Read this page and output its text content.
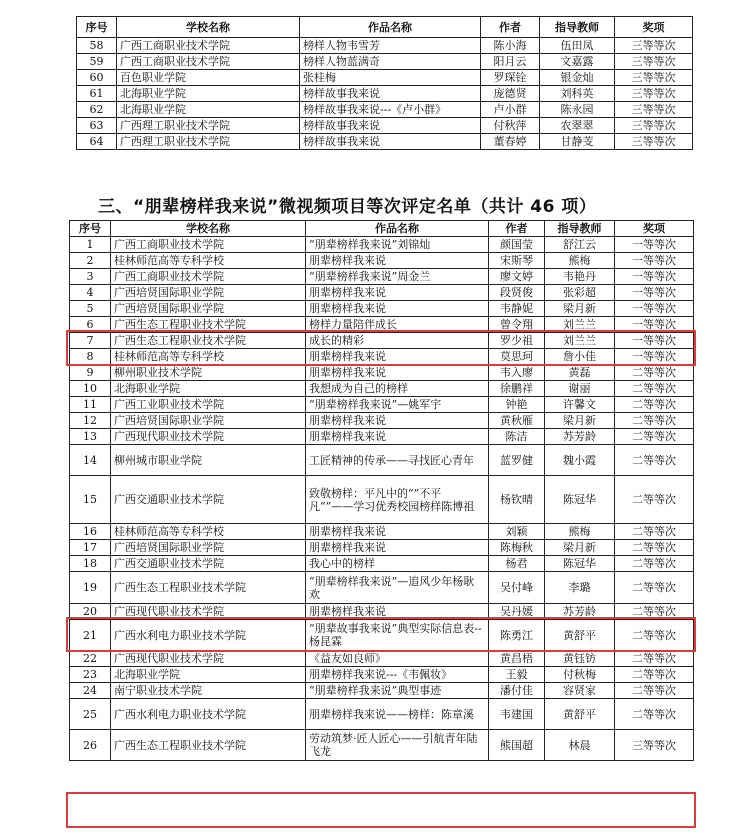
序号	学校名称	作品名称	作者	指导教师	奖项
58	广西工商职业技术学院	榜样人物韦雪芳	陈小海	伍田凤	三等等次
59	广西工商职业技术学院	榜样人物蓝满奇	阳月云	文嘉露	三等等次
60	百色职业学院	张桂梅	罗琛铨	银金灿	三等等次
61	北海职业学院	榜样故事我来说	庞德贤	刘科英	三等等次
62	北海职业学院	榜样故事我来说---《卢小群》	卢小群	陈永园	三等等次
63	广西理工职业技术学院	榜样故事我来说	付秋萍	农翠翠	三等等次
64	广西理工职业技术学院	榜样故事我来说	董春婷	甘静芰	三等等次
三、“朋辈榜样我来说”微视频项目等次评定名单（共计 46 项）
序号	学校名称	作品名称	作者	指导教师	奖项
1	广西工商职业技术学院	“朋辈榜样我来说”刘锦灿	颜国莹	舒江云	一等等次
2	桂林师范高等专科学校	朋辈榜样我来说	宋斯琴	熊梅	一等等次
3	广西工商职业技术学院	“朋辈榜样我来说”周金兰	廖文婷	韦艳丹	一等等次
4	广西培贤国际职业学院	朋辈榜样我来说	段贤俊	张彩超	一等等次
5	广西培贤国际职业学院	朋辈榜样我来说	韦静妮	梁月新	一等等次
6	广西生态工程职业技术学院	榜样力量陪伴成长	曾令翔	刘兰兰	一等等次
7	广西生态工程职业技术学院	成长的精彩	罗少祖	刘兰兰	一等等次
8	桂林师范高等专科学校	朋辈榜样我来说	莫思珂	詹小佳	一等等次
9	柳州职业技术学院	朋辈榜样我来说	韦入廖	黄磊	二等等次
10	北海职业学院	我想成为自己的榜样	徐鹏祥	谢丽	二等等次
11	广西工业职业技术学院	“朋辈榜样我来说”—姚军宇	钟艳	许馨文	二等等次
12	广西培贤国际职业学院	朋辈榜样我来说	黄秋雁	梁月新	二等等次
13	广西现代职业技术学院	朋辈榜样我来说	陈洁	苏芳龄	二等等次
14	柳州城市职业学院	工匠精神的传承——寻找匠心青年	蓝罗健	魏小霞	二等等次
15	广西交通职业技术学院	致敬榜样：平凡中的“”不平凡“”——学习优秀校园榜样陈博祖	杨钦晴	陈冠华	二等等次
16	桂林师范高等专科学校	朋辈榜样我来说	刘颖	熊梅	二等等次
17	广西培贤国际职业学院	朋辈榜样我来说	陈梅秋	梁月新	二等等次
18	广西交通职业技术学院	我心中的榜样	杨君	陈冠华	二等等次
19	广西生态工程职业技术学院	“朋辈榜样我来说”—追风少年杨耿欢	吴付峰	李璐	二等等次
20	广西现代职业技术学院	朋辈榜样我来说	吴丹媛	苏芳龄	二等等次
21	广西水利电力职业技术学院	“朋辈故事我来说”典型实际信息表--杨昆霖	陈勇江	黄舒平	二等等次
22	广西现代职业技术学院	《益友如良师》	黄昌梧	黄钰钫	二等等次
23	北海职业学院	朋辈榜样我来说---《韦佩妆》	王毅	付秋梅	二等等次
24	南宁职业技术学院	“朋辈榜样我来说”典型事迹	潘付佳	容贤家	二等等次
25	广西水利电力职业技术学院	朋辈榜样我来说——榜样：陈章溪	韦建国	黄舒平	二等等次
26	广西生态工程职业技术学院	劳动筑梦·匠人匠心——引航青年陆飞龙	熊国超	林晨	三等等次
